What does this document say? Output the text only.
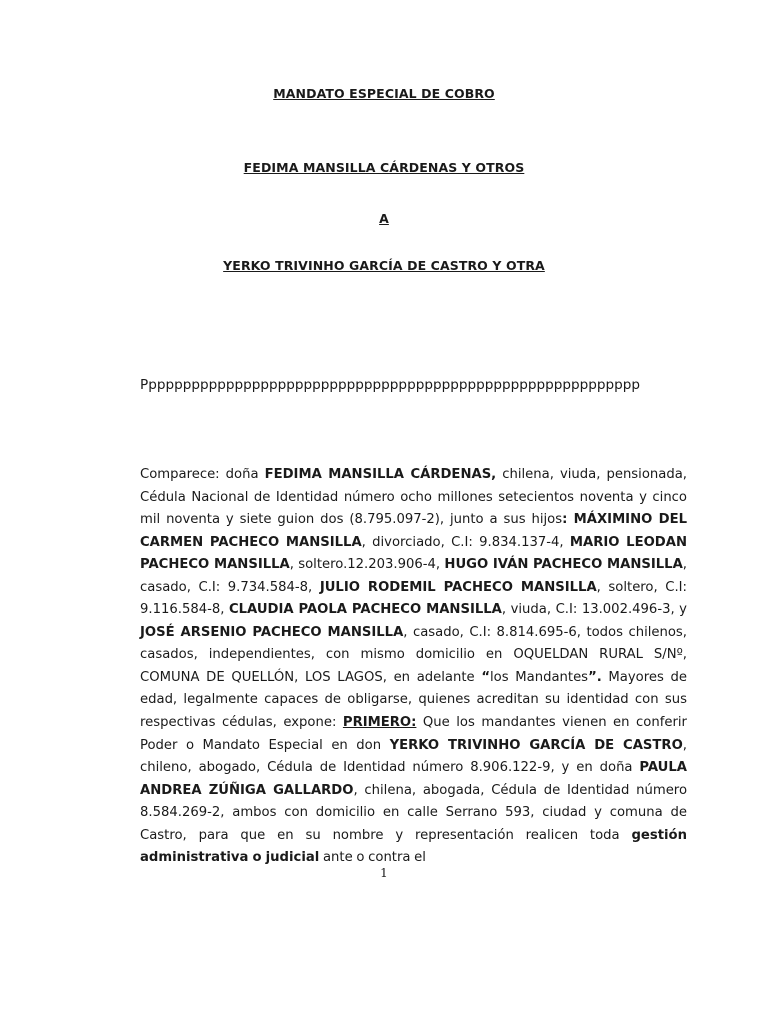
MANDATO ESPECIAL DE COBRO
FEDIMA MANSILLA CÁRDENAS Y OTROS
A
YERKO TRIVINHO GARCÍA DE CASTRO Y OTRA
Pppppppppppppppppppppppppppppppppppppppppppppppppppppppppp
Comparece: doña FEDIMA MANSILLA CÁRDENAS, chilena, viuda, pensionada, Cédula Nacional de Identidad número ocho millones setecientos noventa y cinco mil noventa y siete guion dos (8.795.097-2), junto a sus hijos: MÁXIMINO DEL CARMEN PACHECO MANSILLA, divorciado, C.I: 9.834.137-4, MARIO LEODAN PACHECO MANSILLA, soltero.12.203.906-4, HUGO IVÁN PACHECO MANSILLA, casado, C.I: 9.734.584-8, JULIO RODEMIL PACHECO MANSILLA, soltero, C.I: 9.116.584-8, CLAUDIA PAOLA PACHECO MANSILLA, viuda, C.I: 13.002.496-3, y JOSÉ ARSENIO PACHECO MANSILLA, casado, C.I: 8.814.695-6, todos chilenos, casados, independientes, con mismo domicilio en OQUELDAN RURAL S/Nº, COMUNA DE QUELLÓN, LOS LAGOS, en adelante “los Mandantes”. Mayores de edad, legalmente capaces de obligarse, quienes acreditan su identidad con sus respectivas cédulas, expone: PRIMERO: Que los mandantes vienen en conferir Poder o Mandato Especial en don YERKO TRIVINHO GARCÍA DE CASTRO, chileno, abogado, Cédula de Identidad número 8.906.122-9, y en doña PAULA ANDREA ZÚÑIGA GALLARDO, chilena, abogada, Cédula de Identidad número 8.584.269-2, ambos con domicilio en calle Serrano 593, ciudad y comuna de Castro, para que en su nombre y representación realicen toda gestión administrativa o judicial ante o contra el
1
